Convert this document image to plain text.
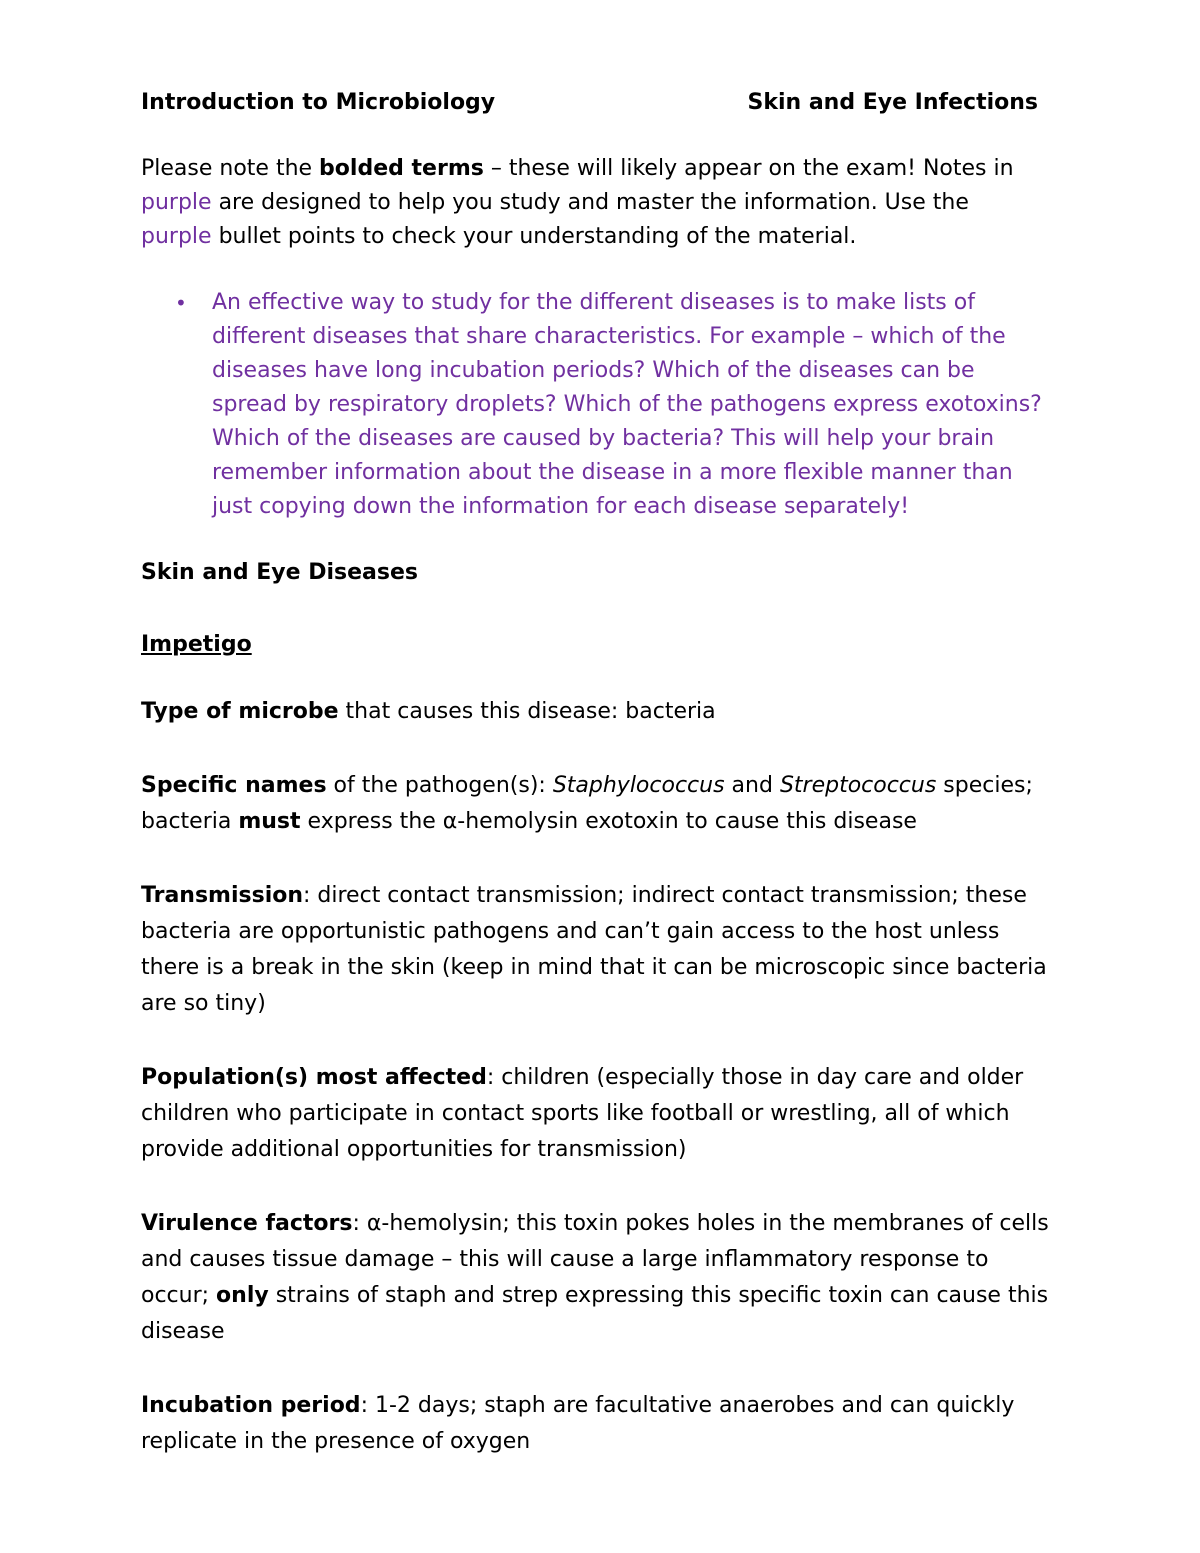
Introduction to Microbiology	Skin and Eye Infections
Please note the bolded terms – these will likely appear on the exam! Notes in
purple are designed to help you study and master the information. Use the
purple bullet points to check your understanding of the material.
• An effective way to study for the different diseases is to make lists of
different diseases that share characteristics. For example – which of the
diseases have long incubation periods? Which of the diseases can be
spread by respiratory droplets? Which of the pathogens express exotoxins?
Which of the diseases are caused by bacteria? This will help your brain
remember information about the disease in a more flexible manner than
just copying down the information for each disease separately!
Skin and Eye Diseases
Impetigo
Type of microbe that causes this disease: bacteria
Specific names of the pathogen(s): Staphylococcus and Streptococcus species;
bacteria must express the α-hemolysin exotoxin to cause this disease
Transmission: direct contact transmission; indirect contact transmission; these
bacteria are opportunistic pathogens and can’t gain access to the host unless
there is a break in the skin (keep in mind that it can be microscopic since bacteria
are so tiny)
Population(s) most affected: children (especially those in day care and older
children who participate in contact sports like football or wrestling, all of which
provide additional opportunities for transmission)
Virulence factors: α-hemolysin; this toxin pokes holes in the membranes of cells
and causes tissue damage – this will cause a large inflammatory response to
occur; only strains of staph and strep expressing this specific toxin can cause this
disease
Incubation period: 1-2 days; staph are facultative anaerobes and can quickly
replicate in the presence of oxygen
